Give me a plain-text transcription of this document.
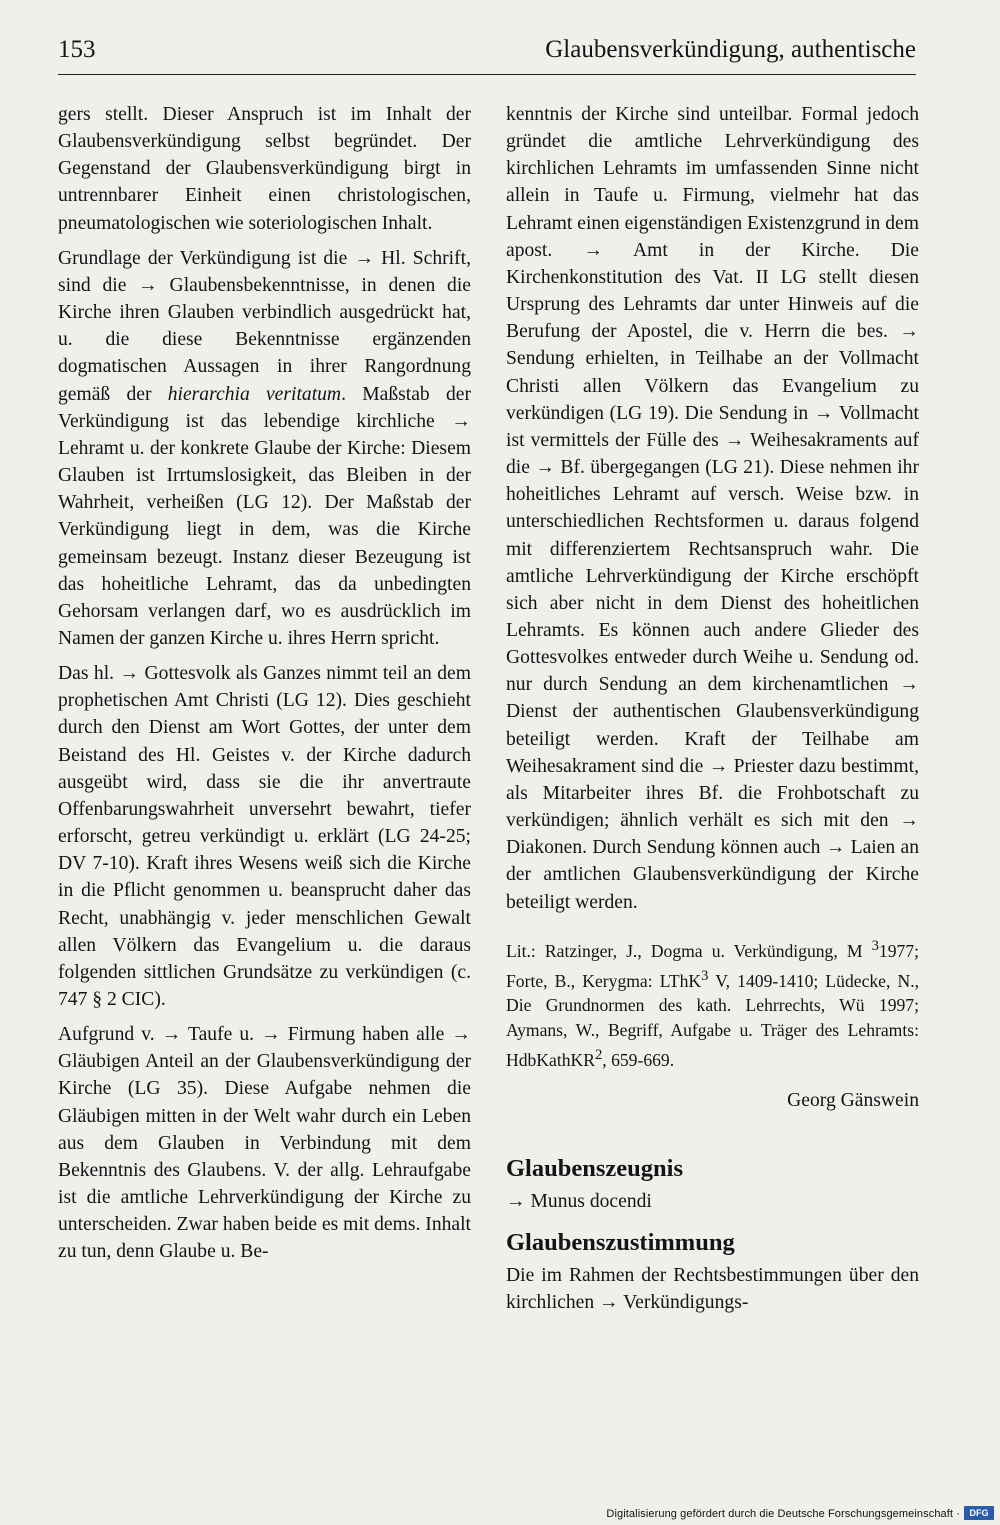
153	Glaubensverkündigung, authentische

gers stellt. Dieser Anspruch ist im Inhalt der Glaubensverkündigung selbst begründet. Der Gegenstand der Glaubensverkündigung birgt in untrennbarer Einheit einen christologischen, pneumatologischen wie soteriologischen Inhalt.

Grundlage der Verkündigung ist die → Hl. Schrift, sind die → Glaubensbekenntnisse, in denen die Kirche ihren Glauben verbindlich ausgedrückt hat, u. die diese Bekenntnisse ergänzenden dogmatischen Aussagen in ihrer Rangordnung gemäß der hierarchia veritatum. Maßstab der Verkündigung ist das lebendige kirchliche → Lehramt u. der konkrete Glaube der Kirche: Diesem Glauben ist Irrtumslosigkeit, das Bleiben in der Wahrheit, verheißen (LG 12). Der Maßstab der Verkündigung liegt in dem, was die Kirche gemeinsam bezeugt. Instanz dieser Bezeugung ist das hoheitliche Lehramt, das da unbedingten Gehorsam verlangen darf, wo es ausdrücklich im Namen der ganzen Kirche u. ihres Herrn spricht.

Das hl. → Gottesvolk als Ganzes nimmt teil an dem prophetischen Amt Christi (LG 12). Dies geschieht durch den Dienst am Wort Gottes, der unter dem Beistand des Hl. Geistes v. der Kirche dadurch ausgeübt wird, dass sie die ihr anvertraute Offenbarungswahrheit unversehrt bewahrt, tiefer erforscht, getreu verkündigt u. erklärt (LG 24-25; DV 7-10). Kraft ihres Wesens weiß sich die Kirche in die Pflicht genommen u. beansprucht daher das Recht, unabhängig v. jeder menschlichen Gewalt allen Völkern das Evangelium u. die daraus folgenden sittlichen Grundsätze zu verkündigen (c. 747 § 2 CIC).

Aufgrund v. → Taufe u. → Firmung haben alle → Gläubigen Anteil an der Glaubensverkündigung der Kirche (LG 35). Diese Aufgabe nehmen die Gläubigen mitten in der Welt wahr durch ein Leben aus dem Glauben in Verbindung mit dem Bekenntnis des Glaubens. V. der allg. Lehraufgabe ist die amtliche Lehrverkündigung der Kirche zu unterscheiden. Zwar haben beide es mit dems. Inhalt zu tun, denn Glaube u. Be-

kenntnis der Kirche sind unteilbar. Formal jedoch gründet die amtliche Lehrverkündigung des kirchlichen Lehramts im umfassenden Sinne nicht allein in Taufe u. Firmung, vielmehr hat das Lehramt einen eigenständigen Existenzgrund in dem apost. → Amt in der Kirche. Die Kirchenkonstitution des Vat. II LG stellt diesen Ursprung des Lehramts dar unter Hinweis auf die Berufung der Apostel, die v. Herrn die bes. → Sendung erhielten, in Teilhabe an der Vollmacht Christi allen Völkern das Evangelium zu verkündigen (LG 19). Die Sendung in → Vollmacht ist vermittels der Fülle des → Weihesakraments auf die → Bf. übergegangen (LG 21). Diese nehmen ihr hoheitliches Lehramt auf versch. Weise bzw. in unterschiedlichen Rechtsformen u. daraus folgend mit differenziertem Rechtsanspruch wahr. Die amtliche Lehrverkündigung der Kirche erschöpft sich aber nicht in dem Dienst des hoheitlichen Lehramts. Es können auch andere Glieder des Gottesvolkes entweder durch Weihe u. Sendung od. nur durch Sendung an dem kirchenamtlichen → Dienst der authentischen Glaubensverkündigung beteiligt werden. Kraft der Teilhabe am Weihesakrament sind die → Priester dazu bestimmt, als Mitarbeiter ihres Bf. die Frohbotschaft zu verkündigen; ähnlich verhält es sich mit den → Diakonen. Durch Sendung können auch → Laien an der amtlichen Glaubensverkündigung der Kirche beteiligt werden.

Lit.: Ratzinger, J., Dogma u. Verkündigung, M $^3$1977; Forte, B., Kerygma: LThK$^3$ V, 1409-1410; Lüdecke, N., Die Grundnormen des kath. Lehrrechts, Wü 1997; Aymans, W., Begriff, Aufgabe u. Träger des Lehramts: HdbKathKR$^2$, 659-669.

Georg Gänswein

Glaubenszeugnis

→ Munus docendi

Glaubenszustimmung

Die im Rahmen der Rechtsbestimmungen über den kirchlichen → Verkündigungs-

Digitalisierung gefördert durch die Deutsche Forschungsgemeinschaft ·	DFG
